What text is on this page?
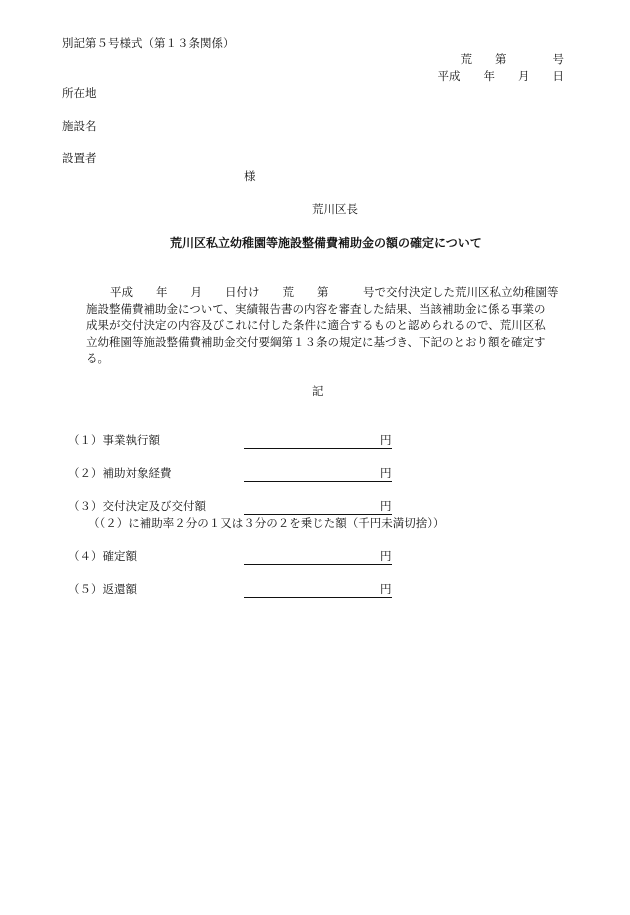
別記第５号様式（第１３条関係）
荒　　第　　　　号
平成　　年　　月　　日
所在地
施設名
設置者
様
荒川区長
荒川区私立幼稚園等施設整備費補助金の額の確定について
平成　　年　　月　　日付け　　荒　　第　　　号で交付決定した荒川区私立幼稚園等
施設整備費補助金について、実績報告書の内容を審査した結果、当該補助金に係る事業の
成果が交付決定の内容及びこれに付した条件に適合するものと認められるので、荒川区私
立幼稚園等施設整備費補助金交付要綱第１３条の規定に基づき、下記のとおり額を確定す
る。
記
（１）事業執行額	円
（２）補助対象経費	円
（３）交付決定及び交付額	円
（（２）に補助率２分の１又は３分の２を乗じた額（千円未満切捨））
（４）確定額	円
（５）返還額	円
